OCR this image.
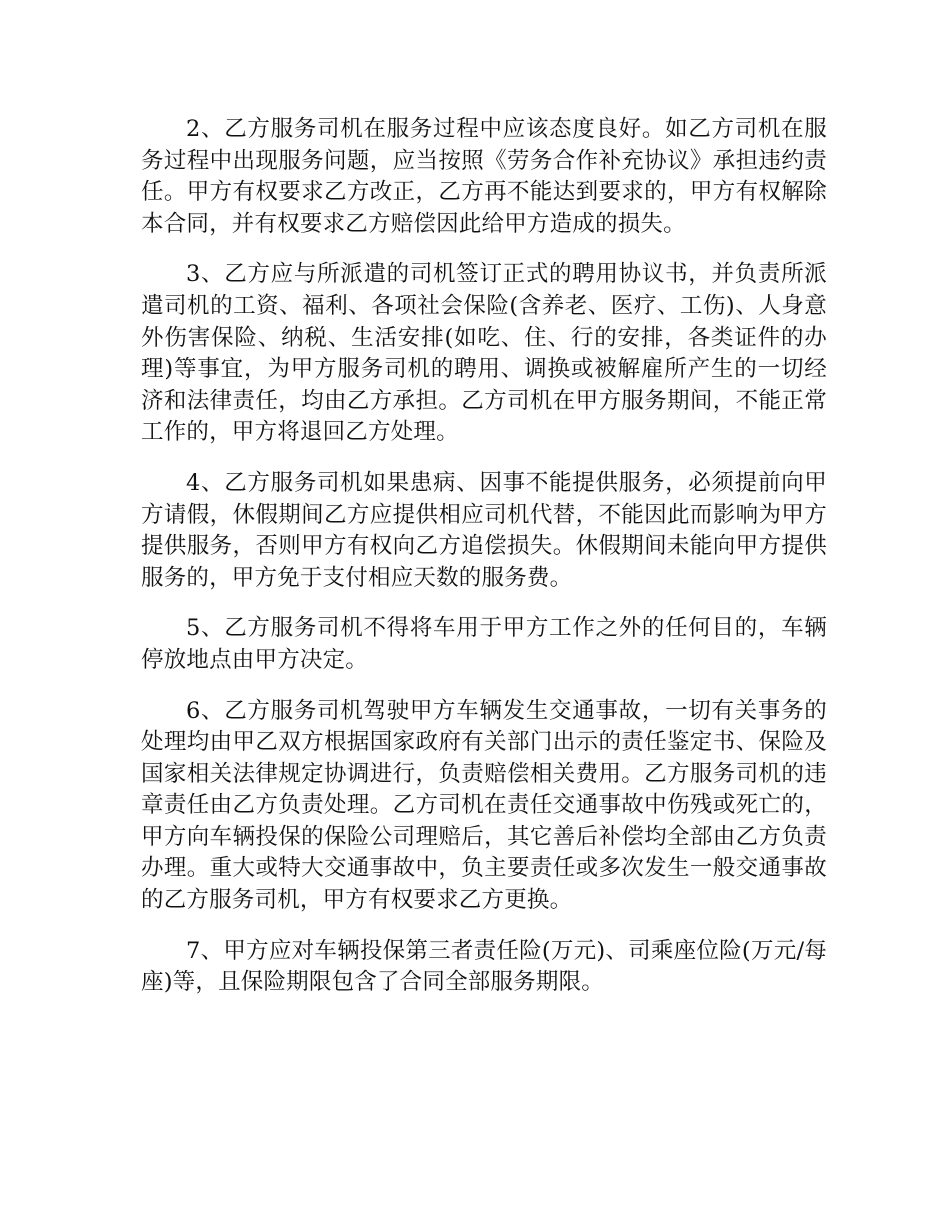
2、乙方服务司机在服务过程中应该态度良好。如乙方司机在服务过程中出现服务问题，应当按照《劳务合作补充协议》承担违约责任。甲方有权要求乙方改正，乙方再不能达到要求的，甲方有权解除本合同，并有权要求乙方赔偿因此给甲方造成的损失。

3、乙方应与所派遣的司机签订正式的聘用协议书，并负责所派遣司机的工资、福利、各项社会保险(含养老、医疗、工伤)、人身意外伤害保险、纳税、生活安排(如吃、住、行的安排，各类证件的办理)等事宜，为甲方服务司机的聘用、调换或被解雇所产生的一切经济和法律责任，均由乙方承担。乙方司机在甲方服务期间，不能正常工作的，甲方将退回乙方处理。

4、乙方服务司机如果患病、因事不能提供服务，必须提前向甲方请假，休假期间乙方应提供相应司机代替，不能因此而影响为甲方提供服务，否则甲方有权向乙方追偿损失。休假期间未能向甲方提供服务的，甲方免于支付相应天数的服务费。

5、乙方服务司机不得将车用于甲方工作之外的任何目的，车辆停放地点由甲方决定。

6、乙方服务司机驾驶甲方车辆发生交通事故，一切有关事务的处理均由甲乙双方根据国家政府有关部门出示的责任鉴定书、保险及国家相关法律规定协调进行，负责赔偿相关费用。乙方服务司机的违章责任由乙方负责处理。乙方司机在责任交通事故中伤残或死亡的，甲方向车辆投保的保险公司理赔后，其它善后补偿均全部由乙方负责办理。重大或特大交通事故中，负主要责任或多次发生一般交通事故的乙方服务司机，甲方有权要求乙方更换。

7、甲方应对车辆投保第三者责任险(万元)、司乘座位险(万元/每座)等，且保险期限包含了合同全部服务期限。
